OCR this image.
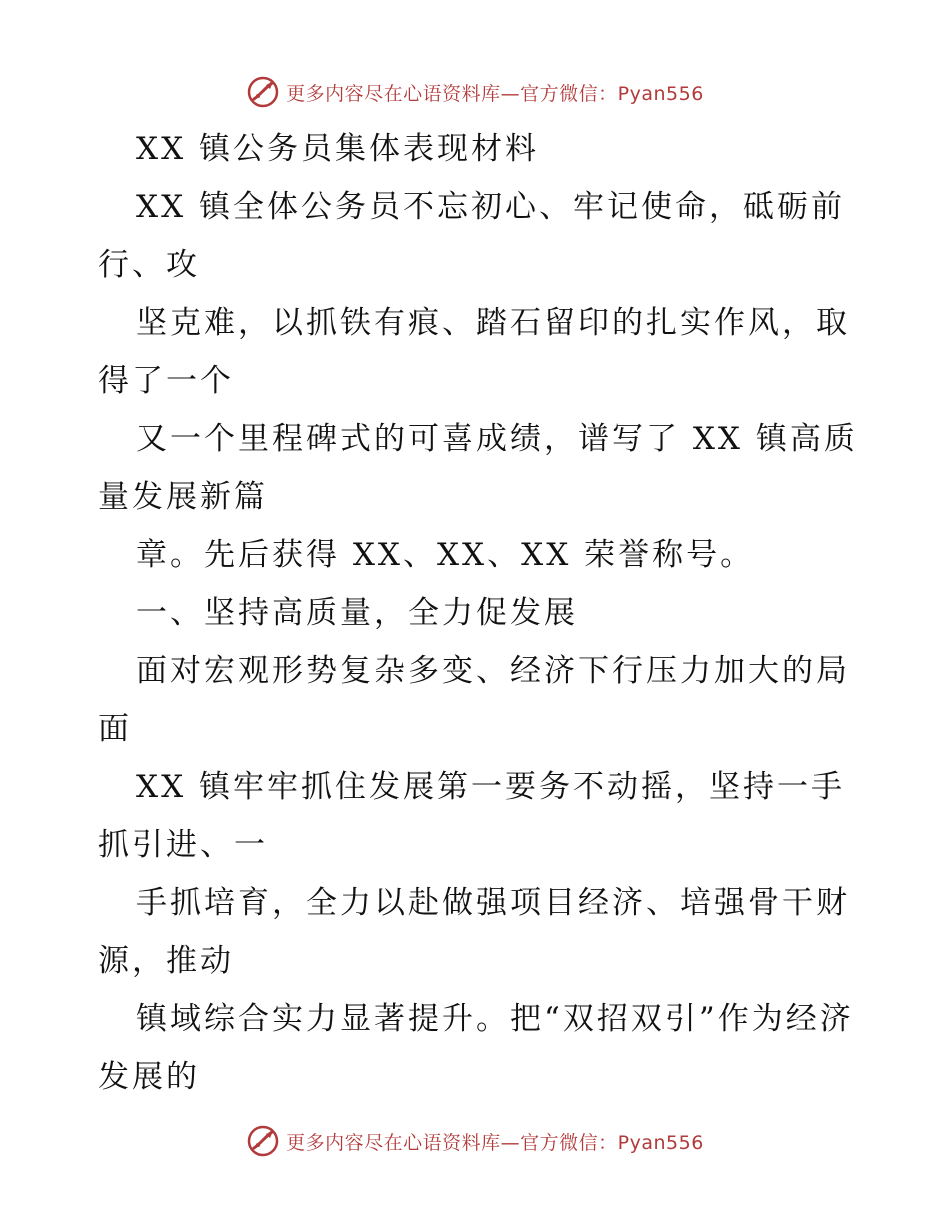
更多内容尽在心语资料库—官方微信：Pyan556

XX 镇公务员集体表现材料

XX 镇全体公务员不忘初心、牢记使命，砥砺前行、攻

坚克难，以抓铁有痕、踏石留印的扎实作风，取得了一个

又一个里程碑式的可喜成绩，谱写了 XX 镇高质量发展新篇

章。先后获得 XX、XX、XX 荣誉称号。

一、坚持高质量，全力促发展

面对宏观形势复杂多变、经济下行压力加大的局面

XX 镇牢牢抓住发展第一要务不动摇，坚持一手抓引进、一

手抓培育，全力以赴做强项目经济、培强骨干财源，推动

镇域综合实力显著提升。把“双招双引”作为经济发展的

更多内容尽在心语资料库—官方微信：Pyan556
